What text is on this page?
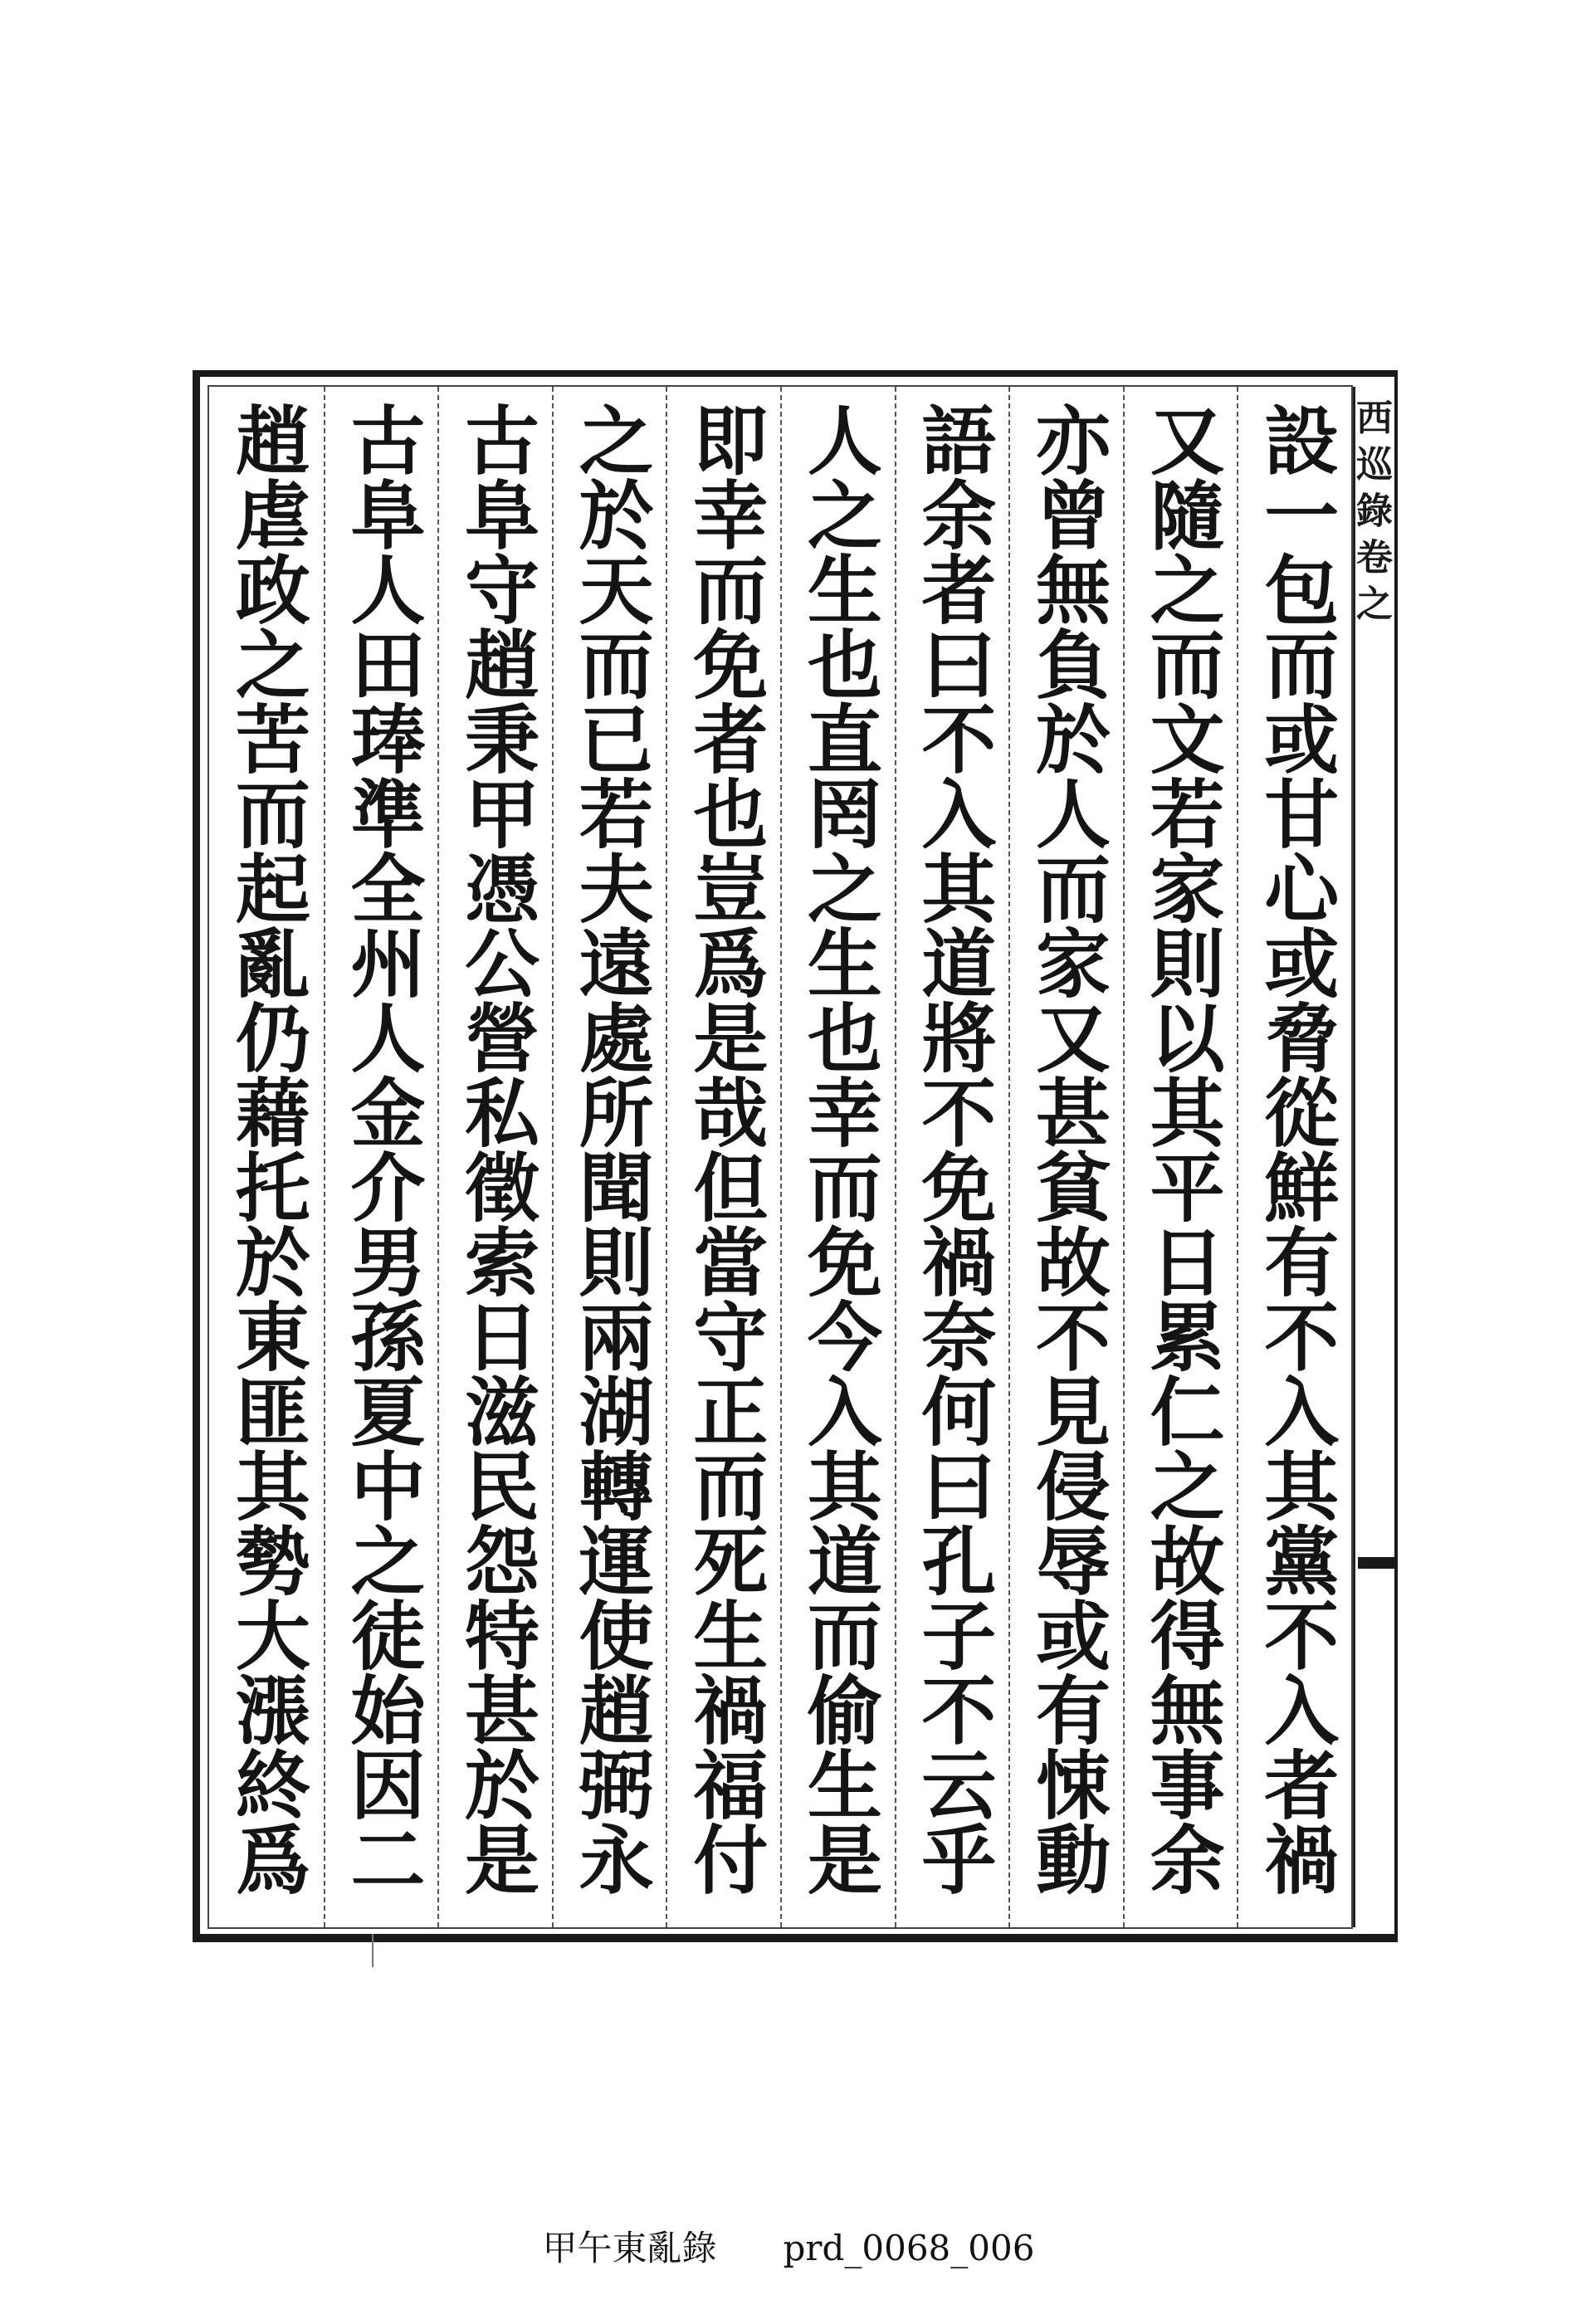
西巡錄卷之
設一包而或甘心或脅從鮮有不入其黨不入者禍
又隨之而文若家則以其平日累仁之故得無事余
亦曾無負於人而家又甚貧故不見侵辱或有悚動
語余者曰不入其道將不免禍奈何曰孔子不云乎
人之生也直罔之生也幸而免今入其道而偷生是
即幸而免者也豈爲是哉但當守正而死生禍福付
之於天而已若夫遠處所聞則兩湖轉運使趙弼永
古阜守趙秉甲憑公營私徵索日滋民怨特甚於是
古阜人田琫準全州人金介男孫夏中之徒始因二
趙虐政之苦而起亂仍藉托於東匪其勢大漲終爲
甲午東亂錄 prd_0068_006
